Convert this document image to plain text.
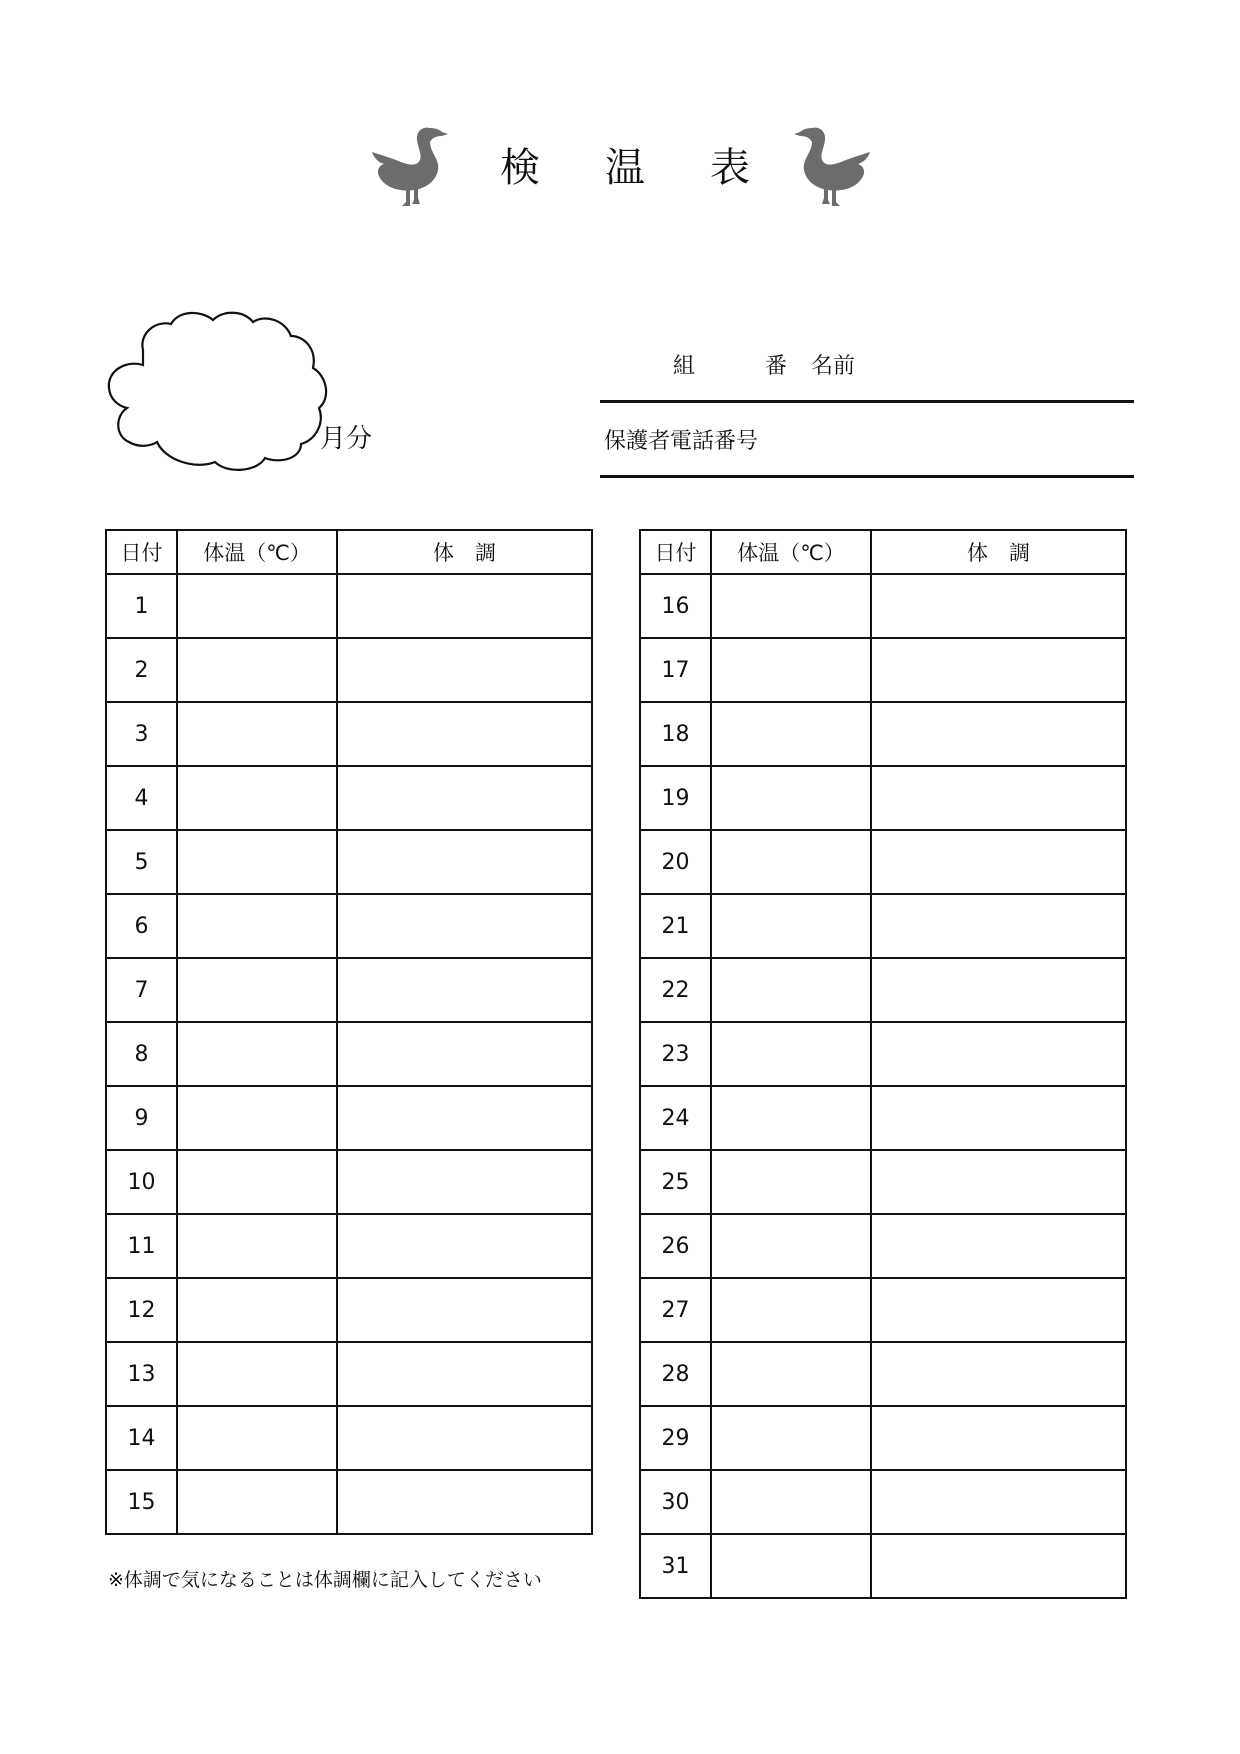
検 温 表
月分
組	番 名前
保護者電話番号
日付	体温（℃）	体　調
1		
2		
3		
4		
5		
6		
7		
8		
9		
10		
11		
12		
13		
14		
15		
日付	体温（℃）	体　調
16		
17		
18		
19		
20		
21		
22		
23		
24		
25		
26		
27		
28		
29		
30		
31		
※体調で気になることは体調欄に記入してください
